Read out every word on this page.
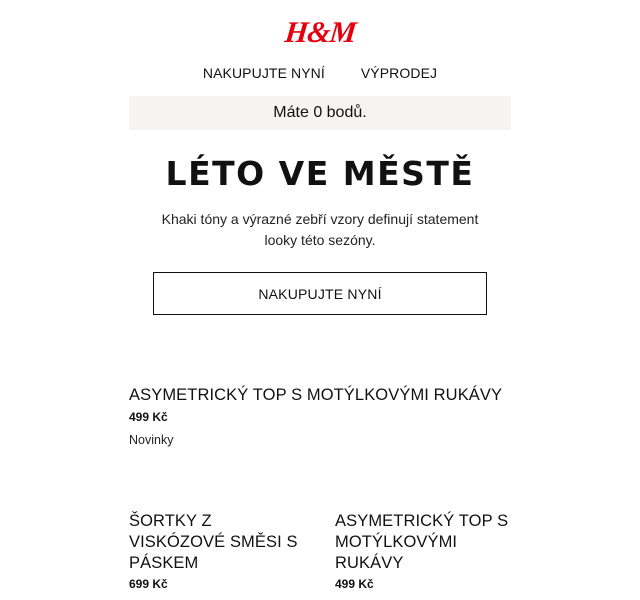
H&M
NAKUPUJTE NYNÍ	VÝPRODEJ
Máte 0 bodů.
LÉTO VE MĚSTĚ

Khaki tóny a výrazné zebří vzory definují statement looky této sezóny.

NAKUPUJTE NYNÍ
ASYMETRICKÝ TOP S MOTÝLKOVÝMI RUKÁVY
499 Kč
Novinky
ŠORTKY Z VISKÓZOVÉ SMĚSI S PÁSKEM
699 Kč
ASYMETRICKÝ TOP S MOTÝLKOVÝMI RUKÁVY
499 Kč
